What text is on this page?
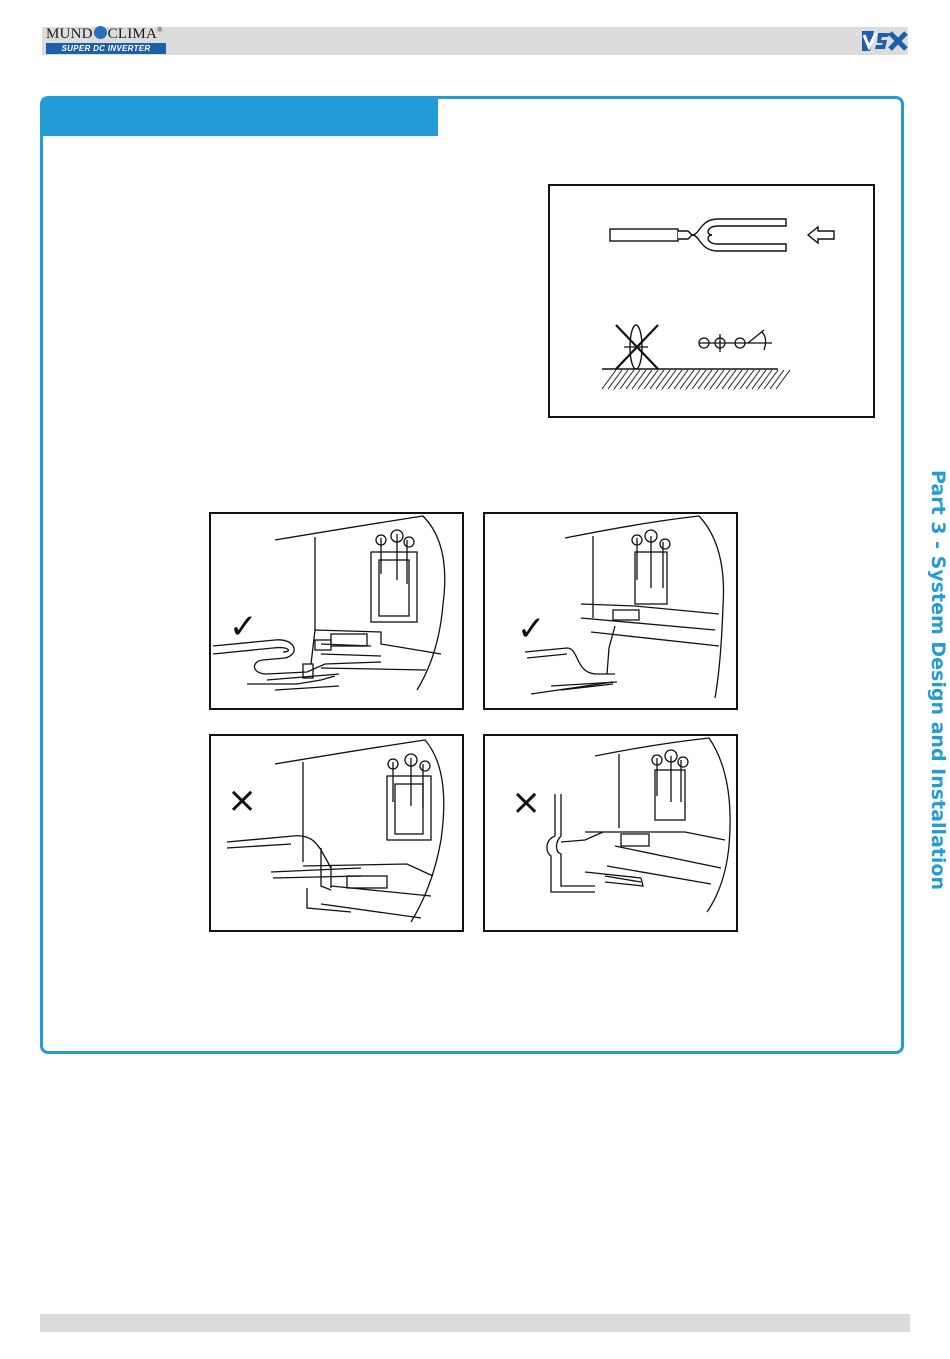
MUND CLIMA®
SUPER DC INVERTER
✓	✓
×	×	Part 3 - System Design and Installation
